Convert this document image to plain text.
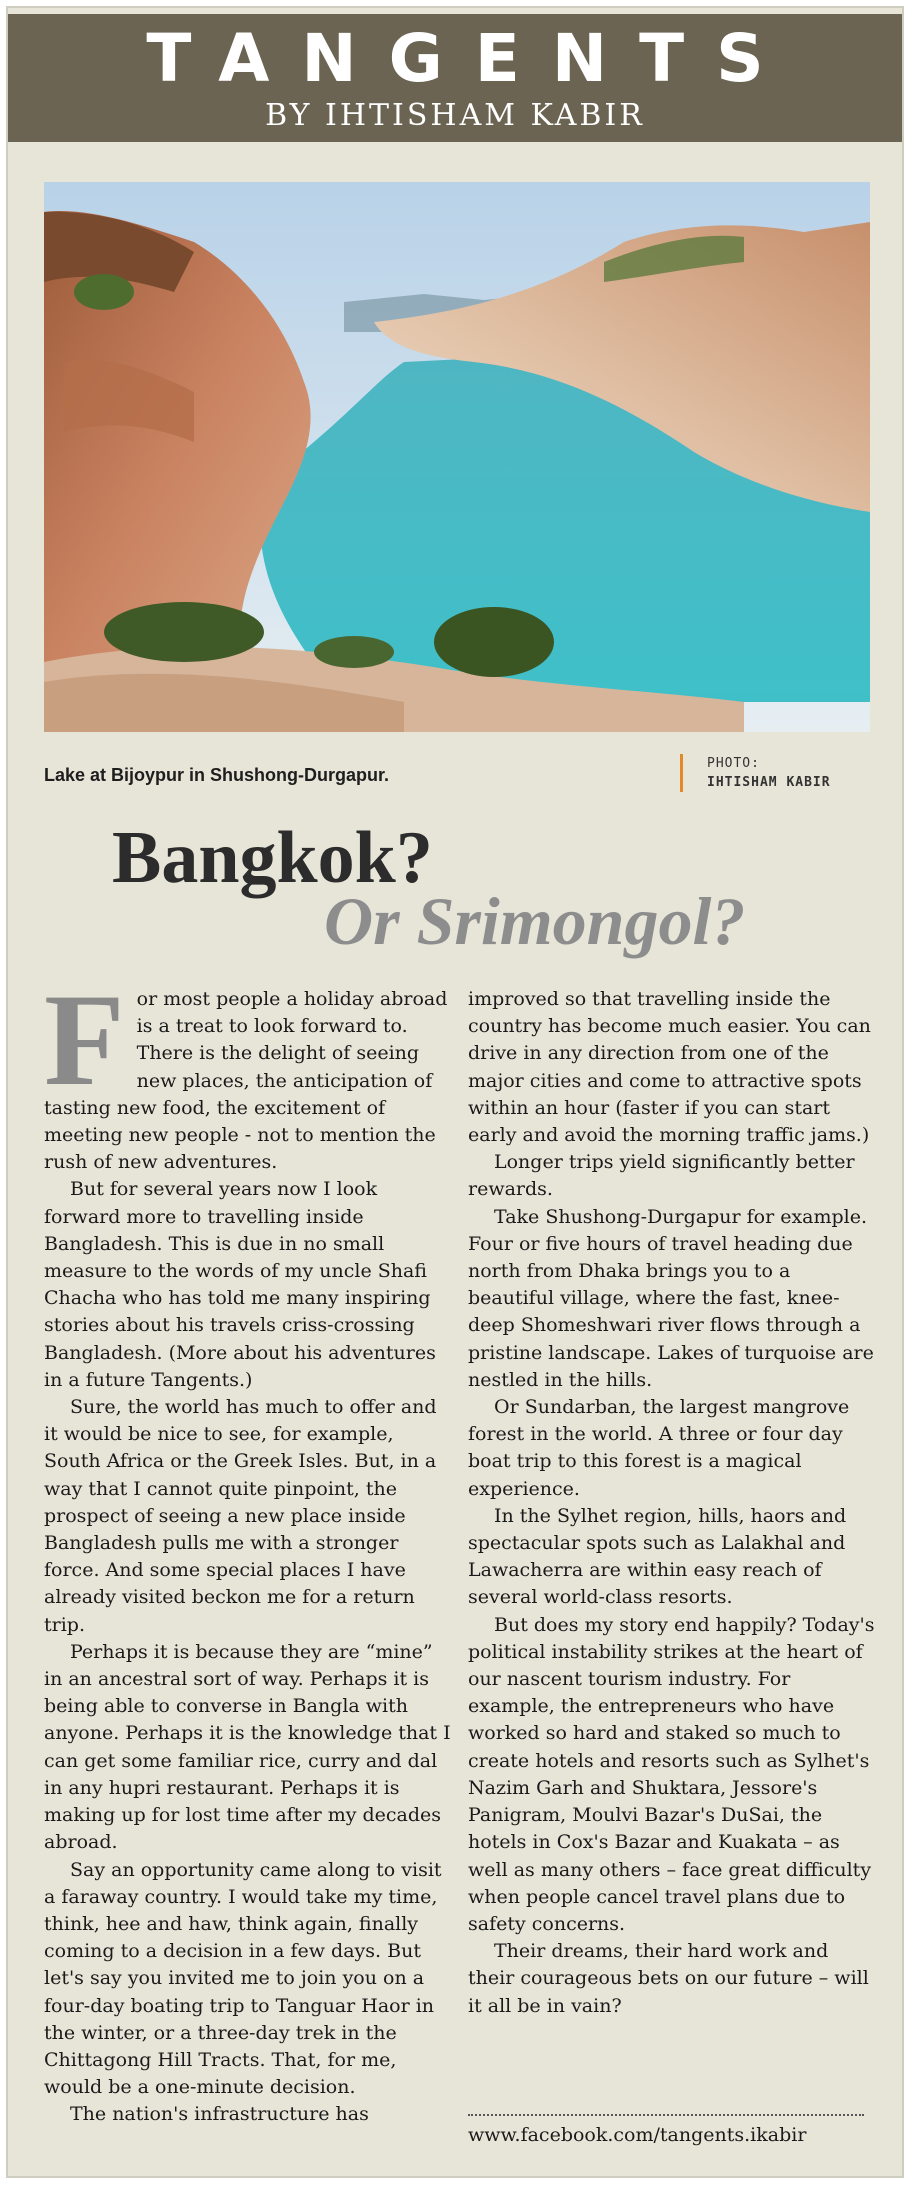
TANGENTS
BY IHTISHAM KABIR
Lake at Bijoypur in Shushong-Durgapur.
PHOTO:
IHTISHAM KABIR
Bangkok?
Or Srimongol?
F or most people a holiday abroad is a treat to look forward to. There is the delight of seeing new places, the anticipation of tasting new food, the excitement of meeting new people - not to mention the rush of new adventures.

But for several years now I look forward more to travelling inside Bangladesh. This is due in no small measure to the words of my uncle Shafi Chacha who has told me many inspiring stories about his travels criss-crossing Bangladesh. (More about his adventures in a future Tangents.)

Sure, the world has much to offer and it would be nice to see, for example, South Africa or the Greek Isles. But, in a way that I cannot quite pinpoint, the prospect of seeing a new place inside Bangladesh pulls me with a stronger force. And some special places I have already visited beckon me for a return trip.

Perhaps it is because they are “mine” in an ancestral sort of way. Perhaps it is being able to converse in Bangla with anyone. Perhaps it is the knowledge that I can get some familiar rice, curry and dal in any hupri restaurant. Perhaps it is making up for lost time after my decades abroad.

Say an opportunity came along to visit a faraway country. I would take my time, think, hee and haw, think again, finally coming to a decision in a few days. But let's say you invited me to join you on a four-day boating trip to Tanguar Haor in the winter, or a three-day trek in the Chittagong Hill Tracts. That, for me, would be a one-minute decision.

The nation's infrastructure has

improved so that travelling inside the country has become much easier. You can drive in any direction from one of the major cities and come to attractive spots within an hour (faster if you can start early and avoid the morning traffic jams.)

Longer trips yield significantly better rewards.

Take Shushong-Durgapur for example. Four or five hours of travel heading due north from Dhaka brings you to a beautiful village, where the fast, knee-deep Shomeshwari river flows through a pristine landscape. Lakes of turquoise are nestled in the hills.

Or Sundarban, the largest mangrove forest in the world. A three or four day boat trip to this forest is a magical experience.

In the Sylhet region, hills, haors and spectacular spots such as Lalakhal and Lawacherra are within easy reach of several world-class resorts.

But does my story end happily? Today's political instability strikes at the heart of our nascent tourism industry. For example, the entrepreneurs who have worked so hard and staked so much to create hotels and resorts such as Sylhet's Nazim Garh and Shuktara, Jessore's Panigram, Moulvi Bazar's DuSai, the hotels in Cox's Bazar and Kuakata – as well as many others – face great difficulty when people cancel travel plans due to safety concerns.

Their dreams, their hard work and their courageous bets on our future – will it all be in vain?

www.facebook.com/tangents.ikabir
